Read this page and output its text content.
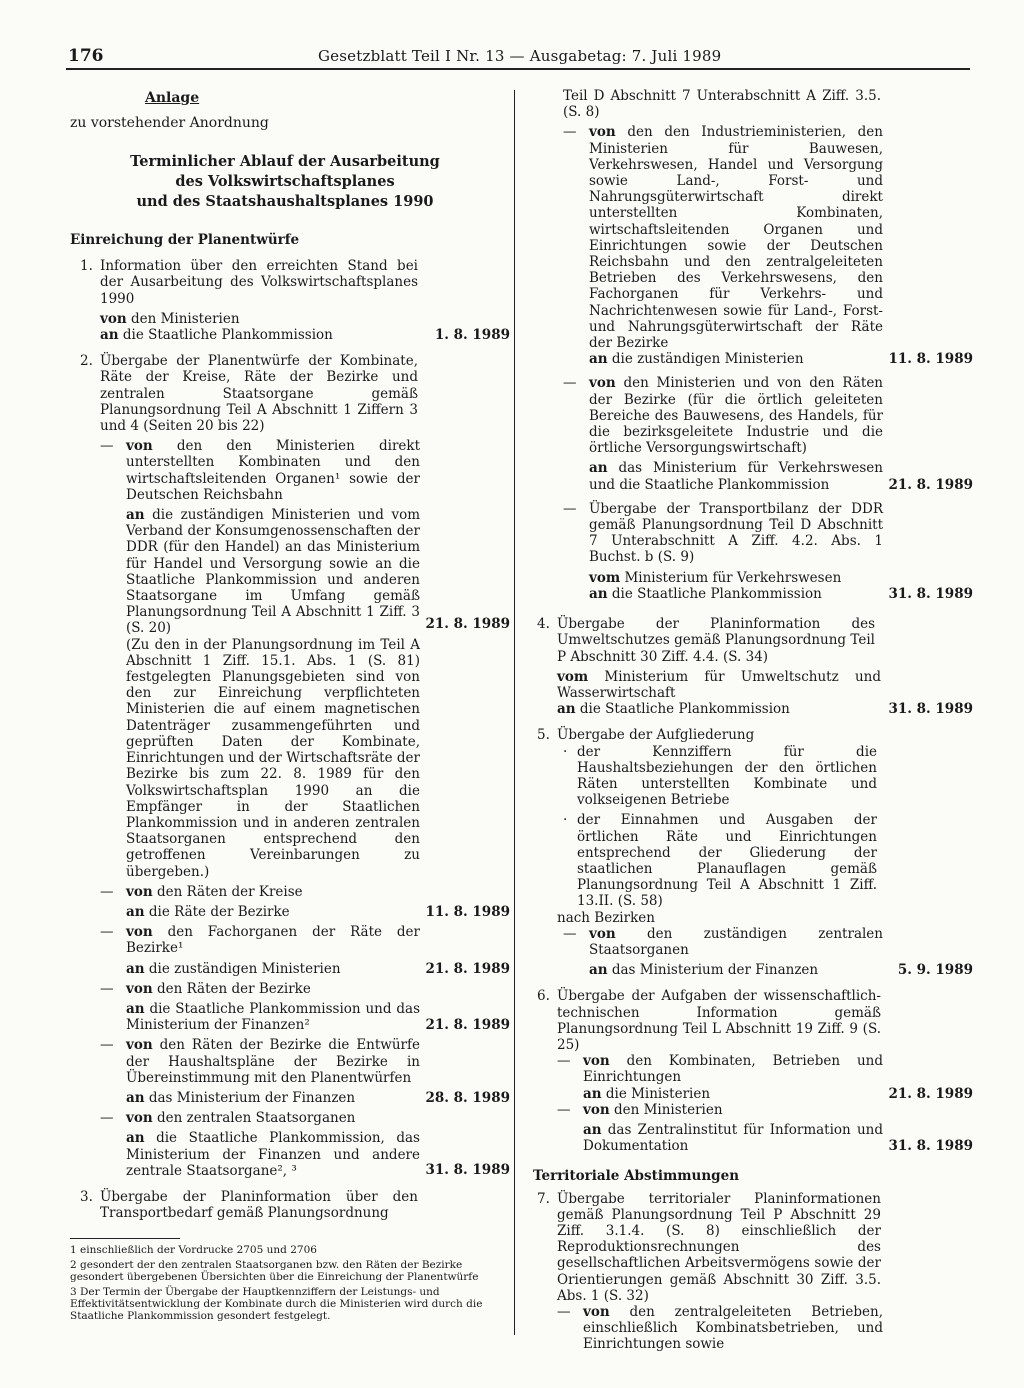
176	Gesetzblatt Teil I Nr. 13 — Ausgabetag: 7. Juli 1989
Anlage
zu vorstehender Anordnung
Terminlicher Ablauf der Ausarbeitung
des Volkswirtschaftsplanes
und des Staatshaushaltsplanes 1990
Einreichung der Planentwürfe
1. Information über den erreichten Stand bei der Ausarbeitung des Volkswirtschaftsplanes 1990
von den Ministerien
an die Staatliche Plankommission	1. 8. 1989
2. Übergabe der Planentwürfe der Kombinate, Räte der Kreise, Räte der Bezirke und zentralen Staatsorgane gemäß Planungsordnung Teil A Abschnitt 1 Ziffern 3 und 4 (Seiten 20 bis 22)
— von den den Ministerien direkt unterstellten Kombinaten und den wirtschaftsleitenden Organen¹ sowie der Deutschen Reichsbahn
an die zuständigen Ministerien und vom Verband der Konsumgenossenschaften der DDR (für den Handel) an das Ministerium für Handel und Versorgung sowie an die Staatliche Plankommission und anderen Staatsorgane im Umfang gemäß Planungsordnung Teil A Abschnitt 1 Ziff. 3 (S. 20)	21. 8. 1989
(Zu den in der Planungsordnung im Teil A Abschnitt 1 Ziff. 15.1. Abs. 1 (S. 81) festgelegten Planungsgebieten sind von den zur Einreichung verpflichteten Ministerien die auf einem magnetischen Datenträger zusammengeführten und geprüften Daten der Kombinate, Einrichtungen und der Wirtschaftsräte der Bezirke bis zum 22. 8. 1989 für den Volkswirtschaftsplan 1990 an die Empfänger in der Staatlichen Plankommission und in anderen zentralen Staatsorganen entsprechend den getroffenen Vereinbarungen zu übergeben.)
— von den Räten der Kreise
an die Räte der Bezirke	11. 8. 1989
— von den Fachorganen der Räte der Bezirke¹
an die zuständigen Ministerien	21. 8. 1989
— von den Räten der Bezirke
an die Staatliche Plankommission und das Ministerium der Finanzen²	21. 8. 1989
— von den Räten der Bezirke die Entwürfe der Haushaltspläne der Bezirke in Übereinstimmung mit den Planentwürfen
an das Ministerium der Finanzen	28. 8. 1989
— von den zentralen Staatsorganen
an die Staatliche Plankommission, das Ministerium der Finanzen und andere zentrale Staatsorgane², ³	31. 8. 1989
3. Übergabe der Planinformation über den Transportbedarf gemäß Planungsordnung
1 einschließlich der Vordrucke 2705 und 2706
2 gesondert der den zentralen Staatsorganen bzw. den Räten der Bezirke gesondert übergebenen Übersichten über die Einreichung der Planentwürfe
3 Der Termin der Übergabe der Hauptkennziffern der Leistungs- und Effektivitätsentwicklung der Kombinate durch die Ministerien wird durch die Staatliche Plankommission gesondert festgelegt.
Teil D Abschnitt 7 Unterabschnitt A Ziff. 3.5. (S. 8)
— von den den Industrieministerien, den Ministerien für Bauwesen, Verkehrswesen, Handel und Versorgung sowie Land-, Forst- und Nahrungsgüterwirtschaft direkt unterstellten Kombinaten, wirtschaftsleitenden Organen und Einrichtungen sowie der Deutschen Reichsbahn und den zentralgeleiteten Betrieben des Verkehrswesens, den Fachorganen für Verkehrs- und Nachrichtenwesen sowie für Land-, Forst- und Nahrungsgüterwirtschaft der Räte der Bezirke
an die zuständigen Ministerien	11. 8. 1989
— von den Ministerien und von den Räten der Bezirke (für die örtlich geleiteten Bereiche des Bauwesens, des Handels, für die bezirksgeleitete Industrie und die örtliche Versorgungswirtschaft)
an das Ministerium für Verkehrswesen und die Staatliche Plankommission	21. 8. 1989
— Übergabe der Transportbilanz der DDR gemäß Planungsordnung Teil D Abschnitt 7 Unterabschnitt A Ziff. 4.2. Abs. 1 Buchst. b (S. 9)
vom Ministerium für Verkehrswesen
an die Staatliche Plankommission	31. 8. 1989
4. Übergabe der Planinformation des Umweltschutzes gemäß Planungsordnung Teil P Abschnitt 30 Ziff. 4.4. (S. 34)
vom Ministerium für Umweltschutz und Wasserwirtschaft
an die Staatliche Plankommission	31. 8. 1989
5. Übergabe der Aufgliederung
· der Kennziffern für die Haushaltsbeziehungen der den örtlichen Räten unterstellten Kombinate und volkseigenen Betriebe
· der Einnahmen und Ausgaben der örtlichen Räte und Einrichtungen entsprechend der Gliederung der staatlichen Planauflagen gemäß Planungsordnung Teil A Abschnitt 1 Ziff. 13.II. (S. 58)
nach Bezirken
— von den zuständigen zentralen Staatsorganen
an das Ministerium der Finanzen	5. 9. 1989
6. Übergabe der Aufgaben der wissenschaftlich-technischen Information gemäß Planungsordnung Teil L Abschnitt 19 Ziff. 9 (S. 25)
— von den Kombinaten, Betrieben und Einrichtungen
an die Ministerien	21. 8. 1989
— von den Ministerien
an das Zentralinstitut für Information und Dokumentation	31. 8. 1989
Territoriale Abstimmungen
7. Übergabe territorialer Planinformationen gemäß Planungsordnung Teil P Abschnitt 29 Ziff. 3.1.4. (S. 8) einschließlich der Reproduktionsrechnungen des gesellschaftlichen Arbeitsvermögens sowie der Orientierungen gemäß Abschnitt 30 Ziff. 3.5. Abs. 1 (S. 32)
— von den zentralgeleiteten Betrieben, einschließlich Kombinatsbetrieben, und Einrichtungen sowie
